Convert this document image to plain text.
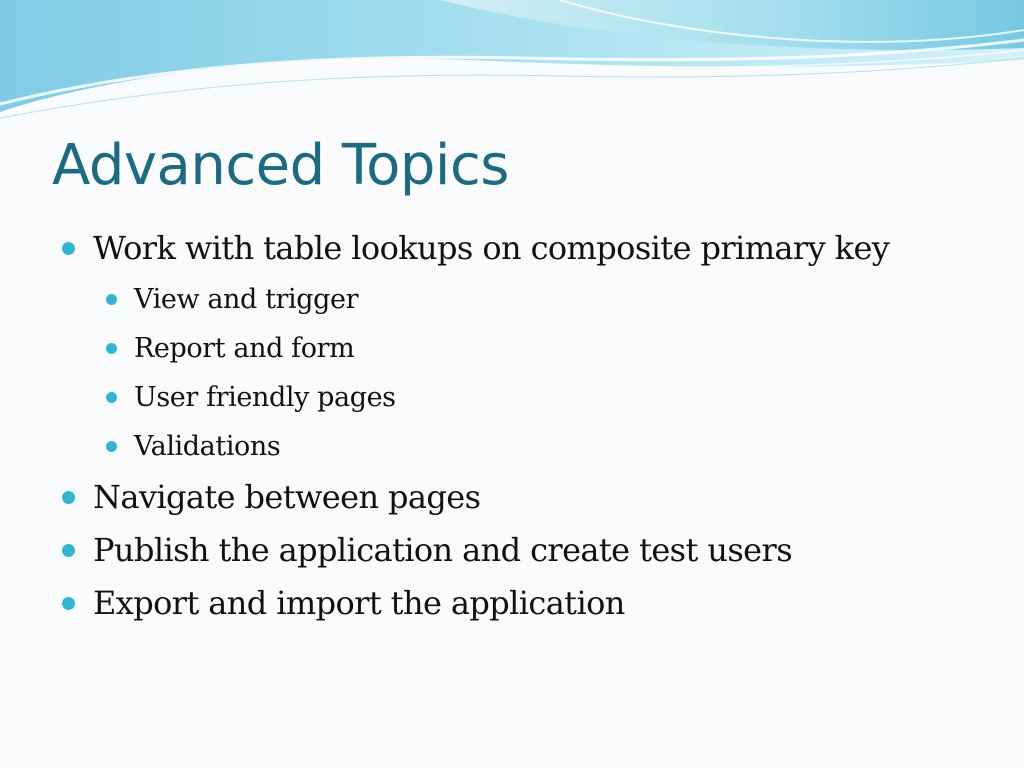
Advanced Topics
Work with table lookups on composite primary key
View and trigger
Report and form
User friendly pages
Validations
Navigate between pages
Publish the application and create test users
Export and import the application
